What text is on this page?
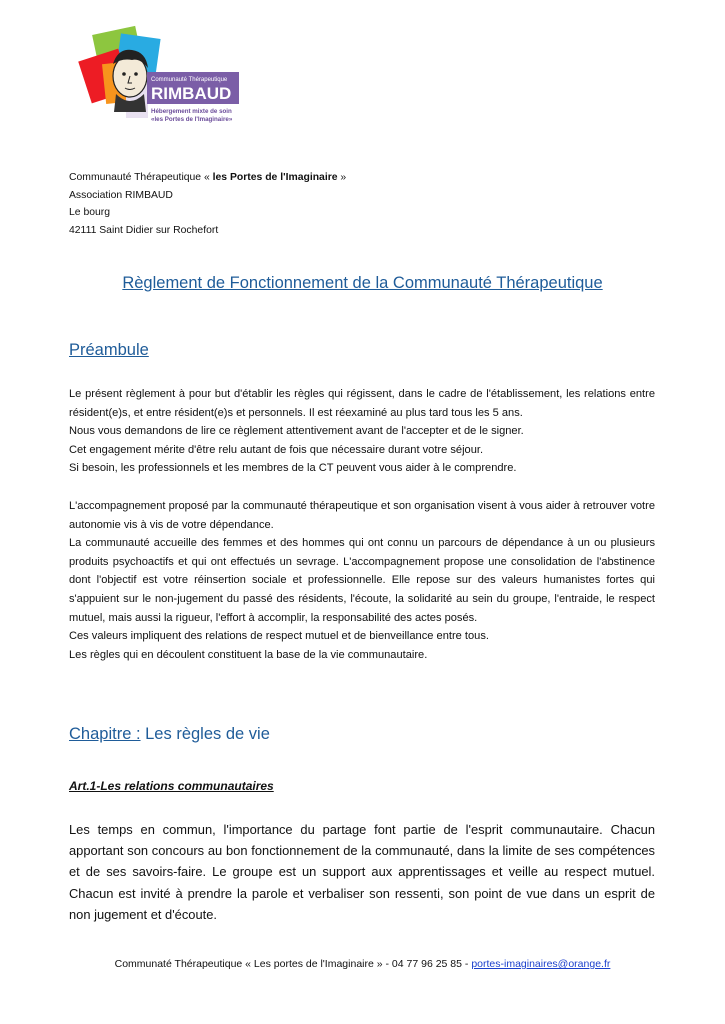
Communauté Thérapeutique
RIMBAUD
Hébergement mixte de soin
«les Portes de l'Imaginaire»
Communauté Thérapeutique « les Portes de l'Imaginaire »
Association RIMBAUD
Le bourg
42111 Saint Didier sur Rochefort
Règlement de Fonctionnement de la Communauté Thérapeutique
Préambule

Le présent règlement à pour but d'établir les règles qui régissent, dans le cadre de l'établissement, les relations entre résident(e)s, et entre résident(e)s et personnels. Il est réexaminé au plus tard tous les 5 ans.

Nous vous demandons de lire ce règlement attentivement avant de l'accepter et de le signer.

Cet engagement mérite d'être relu autant de fois que nécessaire durant votre séjour.

Si besoin, les professionnels et les membres de la CT peuvent vous aider à le comprendre.

L'accompagnement proposé par la communauté thérapeutique et son organisation visent à vous aider à retrouver votre autonomie vis à vis de votre dépendance.

La communauté accueille des femmes et des hommes qui ont connu un parcours de dépendance à un ou plusieurs produits psychoactifs et qui ont effectués un sevrage. L'accompagnement propose une consolidation de l'abstinence dont l'objectif est votre réinsertion sociale et professionnelle. Elle repose sur des valeurs humanistes fortes qui s'appuient sur le non-jugement du passé des résidents, l'écoute, la solidarité au sein du groupe, l'entraide, le respect mutuel, mais aussi la rigueur, l'effort à accomplir, la responsabilité des actes posés.

Ces valeurs impliquent des relations de respect mutuel et de bienveillance entre tous.

Les règles qui en découlent constituent la base de la vie communautaire.

Chapitre : Les règles de vie
Art.1-Les relations communautaires

Les temps en commun, l'importance du partage font partie de l'esprit communautaire. Chacun apportant son concours au bon fonctionnement de la communauté, dans la limite de ses compétences et de ses savoirs-faire. Le groupe est un support aux apprentissages et veille au respect mutuel. Chacun est invité à prendre la parole et verbaliser son ressenti, son point de vue dans un esprit de non jugement et d'écoute.

Communaté Thérapeutique « Les portes de l'Imaginaire » - 04 77 96 25 85 - portes-imaginaires@orange.fr
